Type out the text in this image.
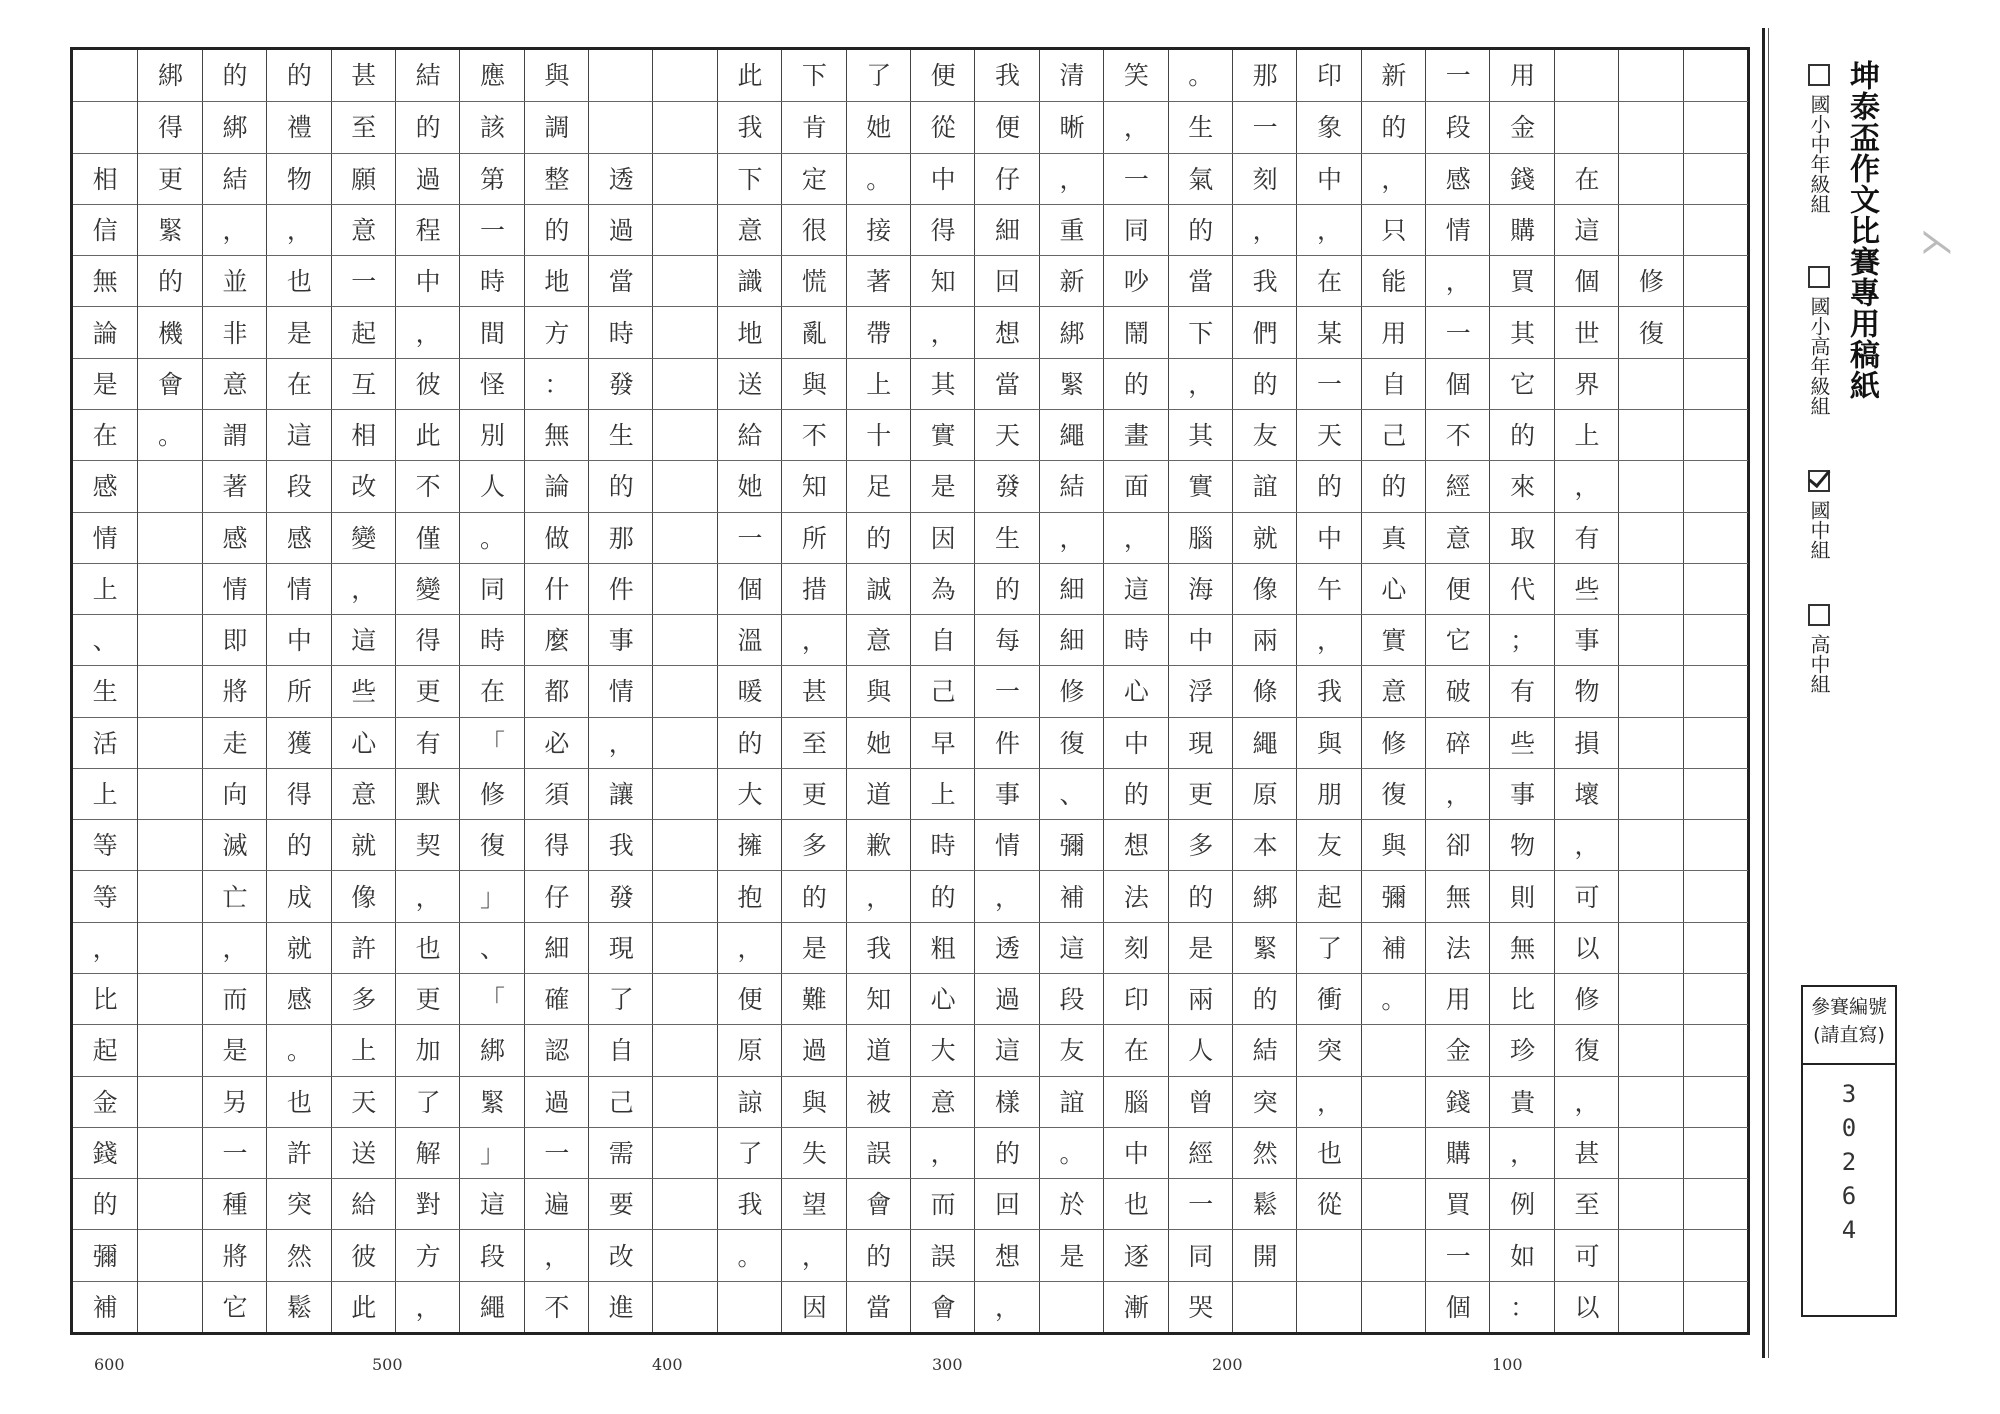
修
復
在
這
個
世
界
上
，
有
些
事
物
損
壞
，
可
以
修
復
，
甚
至
可
以
用
金
錢
購
買
其
它
的
來
取
代
；
有
些
事
物
則
無
比
珍
貴
，
例
如
：
一
段
感
情
，
一
個
不
經
意
便
它
破
碎
，
卻
無
法
用
金
錢
購
買
一
個
新
的
，
只
能
用
自
己
的
真
心
實
意
修
復
與
彌
補
。
印
象
中
，
在
某
一
天
的
中
午
，
我
與
朋
友
起
了
衝
突
，
也
從
那
一
刻
，
我
們
的
友
誼
就
像
兩
條
繩
原
本
綁
緊
的
結
突
然
鬆
開
。
生
氣
的
當
下
，
其
實
腦
海
中
浮
現
更
多
的
是
兩
人
曾
經
一
同
哭
笑
，
一
同
吵
鬧
的
畫
面
，
這
時
心
中
的
想
法
刻
印
在
腦
中
也
逐
漸
清
晰
，
重
新
綁
緊
繩
結
，
細
細
修
復
、
彌
補
這
段
友
誼
。
於
是
我
便
仔
細
回
想
當
天
發
生
的
每
一
件
事
情
，
透
過
這
樣
的
回
想
，
便
從
中
得
知
，
其
實
是
因
為
自
己
早
上
時
的
粗
心
大
意
，
而
誤
會
了
她
。
接
著
帶
上
十
足
的
誠
意
與
她
道
歉
，
我
知
道
被
誤
會
的
當
下
肯
定
很
慌
亂
與
不
知
所
措
，
甚
至
更
多
的
是
難
過
與
失
望
，
因
此
我
下
意
識
地
送
給
她
一
個
溫
暖
的
大
擁
抱
，
便
原
諒
了
我
。
透
過
當
時
發
生
的
那
件
事
情
，
讓
我
發
現
了
自
己
需
要
改
進
與
調
整
的
地
方
：
無
論
做
什
麼
都
必
須
得
仔
細
確
認
過
一
遍
，
不
應
該
第
一
時
間
怪
別
人
。
同
時
在
「
修
復
」
、
「
綁
緊
」
這
段
繩
結
的
過
程
中
，
彼
此
不
僅
變
得
更
有
默
契
，
也
更
加
了
解
對
方
，
甚
至
願
意
一
起
互
相
改
變
，
這
些
心
意
就
像
許
多
上
天
送
給
彼
此
的
禮
物
，
也
是
在
這
段
感
情
中
所
獲
得
的
成
就
感
。
也
許
突
然
鬆
的
綁
結
，
並
非
意
謂
著
感
情
即
將
走
向
滅
亡
，
而
是
另
一
種
將
它
綁
得
更
緊
的
機
會
。
相
信
無
論
是
在
感
情
上
、
生
活
上
等
等
，
比
起
金
錢
的
彌
補
100
200
300
400
500
600
坤泰盃作文比賽專用稿紙
國小中年級組
國小高年級組
國中組
高中組
參賽編號
(請直寫)
3
0
2
6
4
⋋
